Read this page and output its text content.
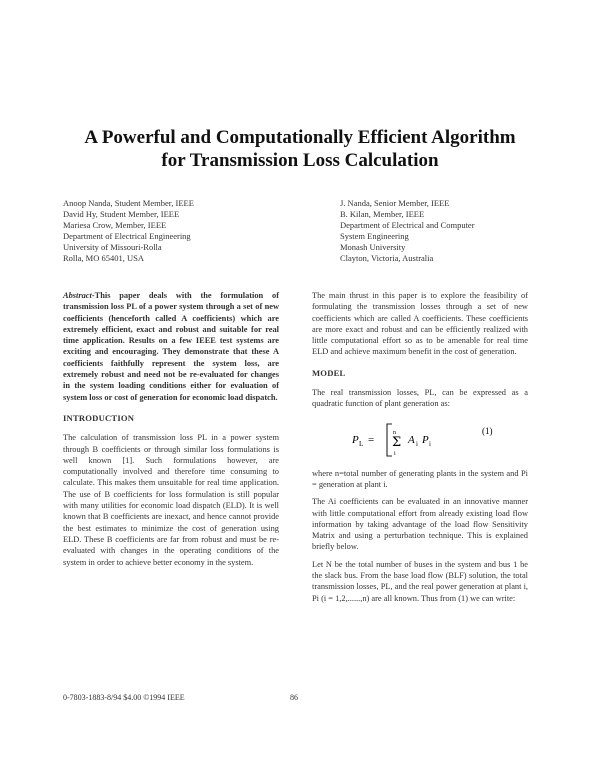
A Powerful and Computationally Efficient Algorithm
for Transmission Loss Calculation
Anoop Nanda, Student Member, IEEE
David Hy, Student Member, IEEE
Mariesa Crow, Member, IEEE
Department of Electrical Engineering
University of Missouri-Rolla
Rolla, MO 65401, USA
J. Nanda, Senior Member, IEEE
B. Kilan, Member, IEEE
Department of Electrical and Computer
System Engineering
Monash University
Clayton, Victoria, Australia

Abstract-This paper deals with the formulation of transmission loss PL of a power system through a set of new coefficients (henceforth called A coefficients) which are extremely efficient, exact and robust and suitable for real time application. Results on a few IEEE test systems are exciting and encouraging. They demonstrate that these A coefficients faithfully represent the system loss, are extremely robust and need not be re-evaluated for changes in the system loading conditions either for evaluation of system loss or cost of generation for economic load dispatch.

INTRODUCTION

The calculation of transmission loss PL in a power system through B coefficients or through similar loss formulations is well known [1]. Such formulations however, are computationally involved and therefore time consuming to calculate. This makes them unsuitable for real time application. The use of B coefficients for loss formulation is still popular with many utilities for economic load dispatch (ELD). It is well known that B coefficients are inexact, and hence cannot provide the best estimates to minimize the cost of generation using ELD. These B coefficients are far from robust and must be re-evaluated with changes in the operating conditions of the system in order to achieve better economy in the system.

The main thrust in this paper is to explore the feasibility of formulating the transmission losses through a set of new coefficients which are called A coefficients. These coefficients are more exact and robust and can be efficiently realized with little computational effort so as to be amenable for real time ELD and achieve maximum benefit in the cost of generation.

MODEL

The real transmission losses, PL, can be expressed as a quadratic function of plant generation as:

P L =
n
Σ
i
A i P i
(1)

where n=total number of generating plants in the system and Pi = generation at plant i.

The Ai coefficients can be evaluated in an innovative manner with little computational effort from already existing load flow information by taking advantage of the load flow Sensitivity Matrix and using a perturbation technique. This is explained briefly below.

Let N be the total number of buses in the system and bus 1 be the slack bus. From the base load flow (BLF) solution, the total transmission losses, PL, and the real power generation at plant i, Pi (i = 1,2,......,n) are all known. Thus from (1) we can write:

0-7803-1883-8/94 $4.00 ©1994 IEEE	86
